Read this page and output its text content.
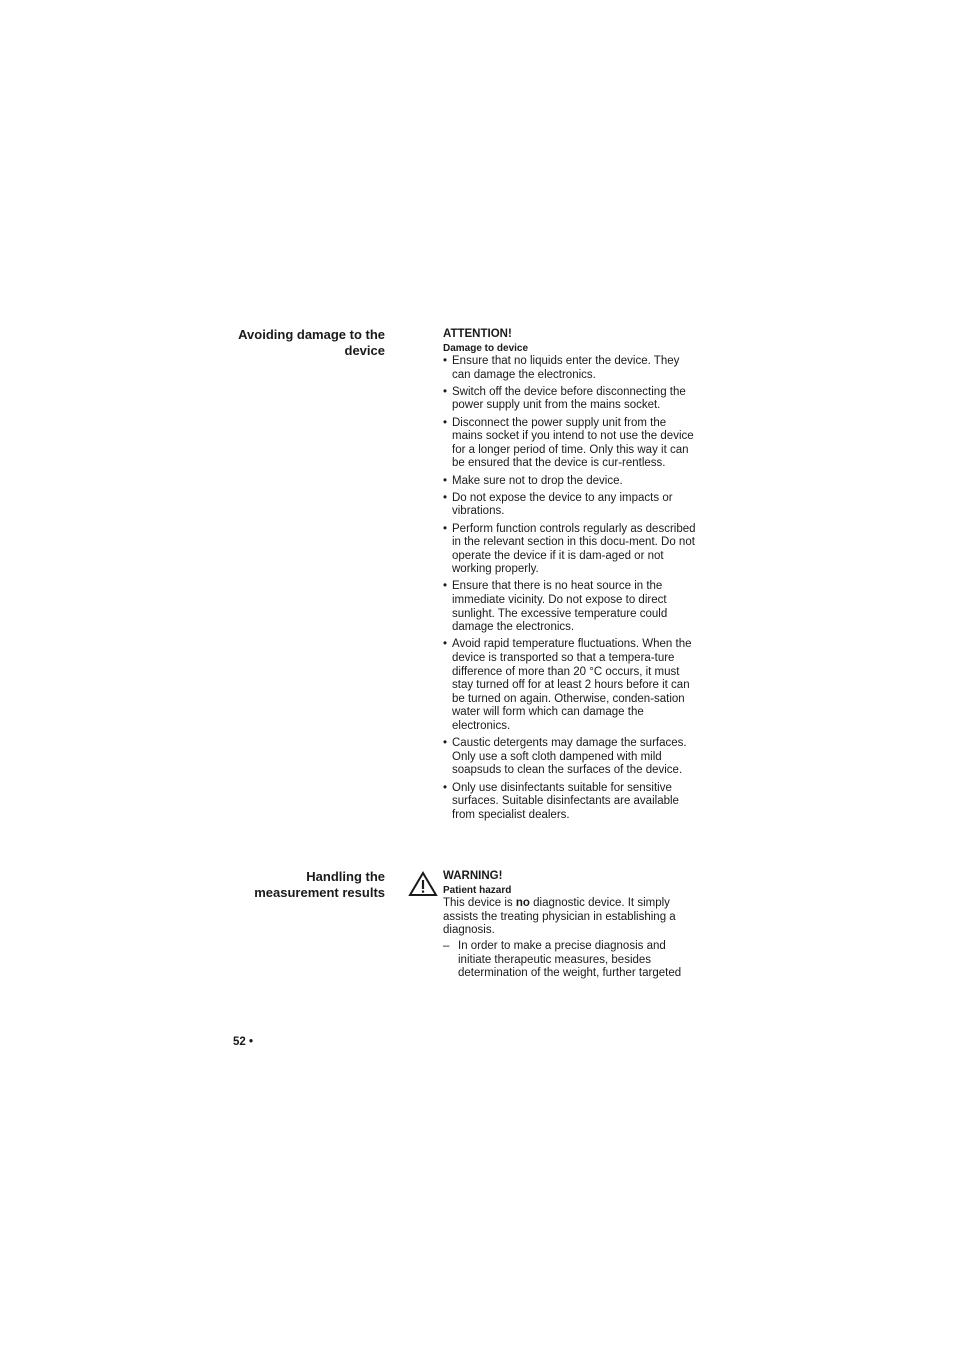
Avoiding damage to the
device

ATTENTION!

Damage to device

• Ensure that no liquids enter the device. They can damage the electronics.
• Switch off the device before disconnecting the power supply unit from the mains socket.
• Disconnect the power supply unit from the mains socket if you intend to not use the device for a longer period of time. Only this way it can be ensured that the device is cur-rentless.
• Make sure not to drop the device.
• Do not expose the device to any impacts or vibrations.
• Perform function controls regularly as described in the relevant section in this docu-ment. Do not operate the device if it is dam-aged or not working properly.
• Ensure that there is no heat source in the immediate vicinity. Do not expose to direct sunlight. The excessive temperature could damage the electronics.
• Avoid rapid temperature fluctuations. When the device is transported so that a tempera-ture difference of more than 20 °C occurs, it must stay turned off for at least 2 hours before it can be turned on again. Otherwise, conden-sation water will form which can damage the electronics.
• Caustic detergents may damage the surfaces. Only use a soft cloth dampened with mild soapsuds to clean the surfaces of the device.
• Only use disinfectants suitable for sensitive surfaces. Suitable disinfectants are available from specialist dealers.
Handling the
measurement results

WARNING!

Patient hazard

This device is no diagnostic device. It simply assists the treating physician in establishing a diagnosis.

– In order to make a precise diagnosis and initiate therapeutic measures, besides determination of the weight, further targeted

52 •
